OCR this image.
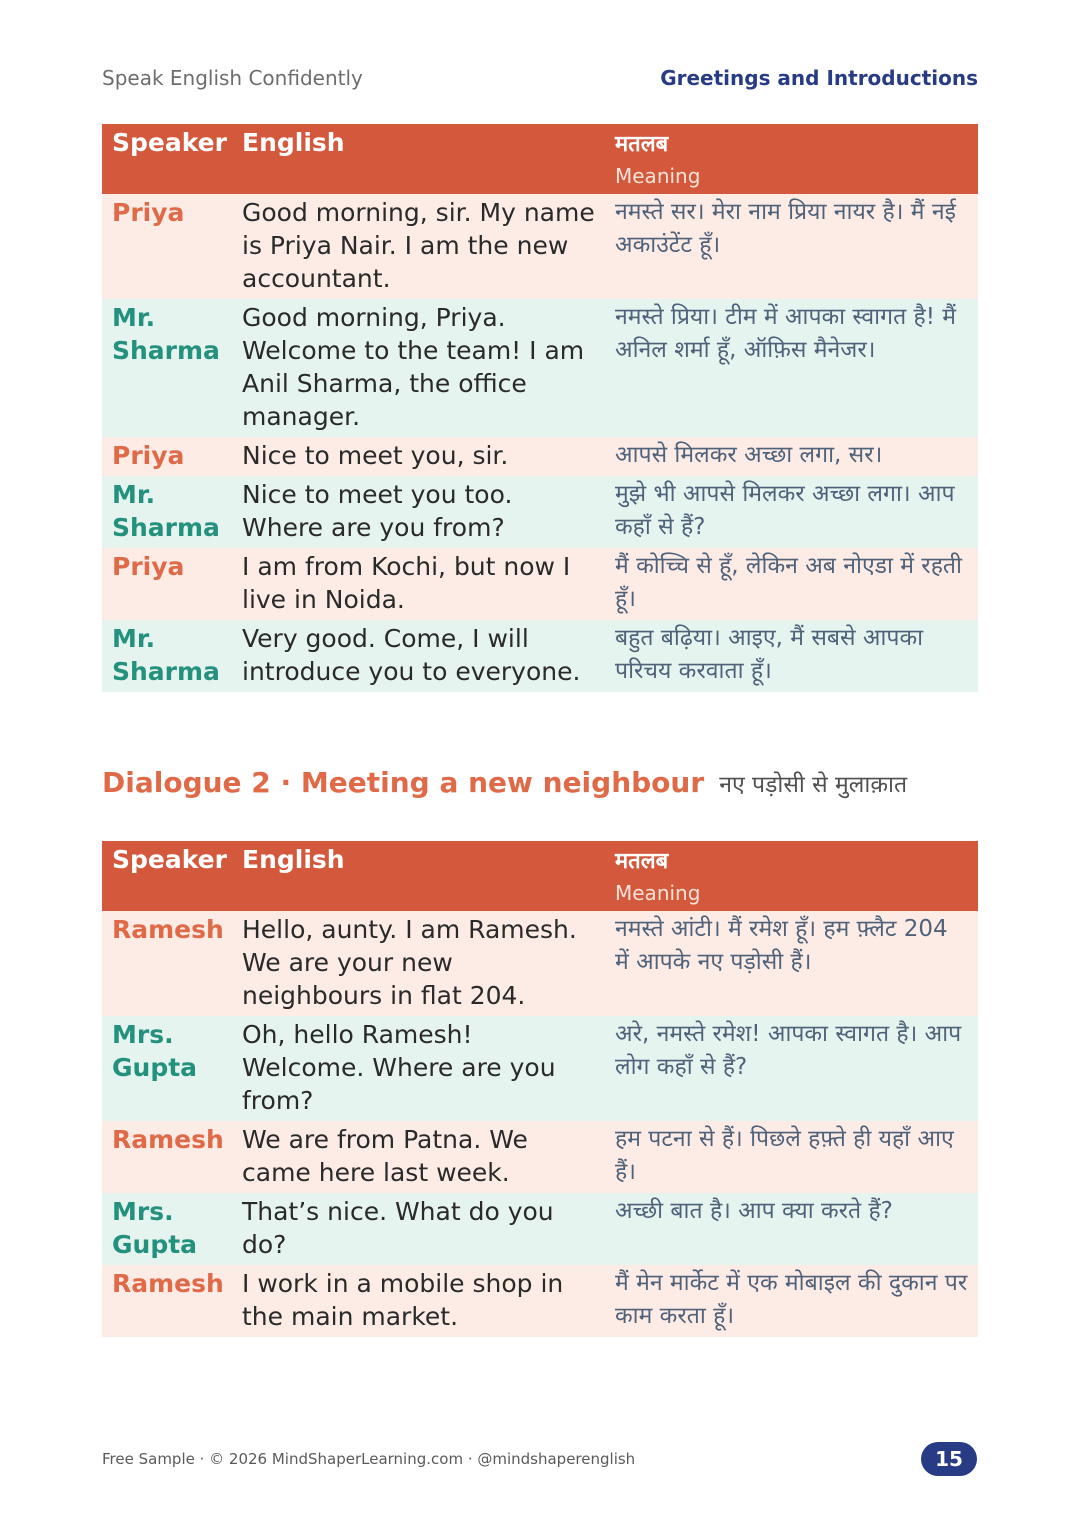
Speak English Confidently	Greetings and Introductions
Speaker	English	मतलब
Meaning

Priya	Good morning, sir. My name is Priya Nair. I am the new accountant.	नमस्ते सर। मेरा नाम प्रिया नायर है। मैं नई अकाउंटेंट हूँ।
Mr. Sharma	Good morning, Priya. Welcome to the team! I am Anil Sharma, the office manager.	नमस्ते प्रिया। टीम में आपका स्वागत है! मैं अनिल शर्मा हूँ, ऑफ़िस मैनेजर।
Priya	Nice to meet you, sir.	आपसे मिलकर अच्छा लगा, सर।
Mr. Sharma	Nice to meet you too. Where are you from?	मुझे भी आपसे मिलकर अच्छा लगा। आप कहाँ से हैं?
Priya	I am from Kochi, but now I live in Noida.	मैं कोच्चि से हूँ, लेकिन अब नोएडा में रहती हूँ।
Mr. Sharma	Very good. Come, I will introduce you to everyone.	बहुत बढ़िया। आइए, मैं सबसे आपका परिचय करवाता हूँ।
Dialogue 2 · Meeting a new neighbour नए पड़ोसी से मुलाक़ात
Speaker	English	मतलब
Meaning

Ramesh	Hello, aunty. I am Ramesh. We are your new neighbours in flat 204.	नमस्ते आंटी। मैं रमेश हूँ। हम फ़्लैट 204 में आपके नए पड़ोसी हैं।
Mrs. Gupta	Oh, hello Ramesh! Welcome. Where are you from?	अरे, नमस्ते रमेश! आपका स्वागत है। आप लोग कहाँ से हैं?
Ramesh	We are from Patna. We came here last week.	हम पटना से हैं। पिछले हफ़्ते ही यहाँ आए हैं।
Mrs. Gupta	That’s nice. What do you do?	अच्छी बात है। आप क्या करते हैं?
Ramesh	I work in a mobile shop in the main market.	मैं मेन मार्केट में एक मोबाइल की दुकान पर काम करता हूँ।
Free Sample · © 2026 MindShaperLearning.com · @mindshaperenglish	15
